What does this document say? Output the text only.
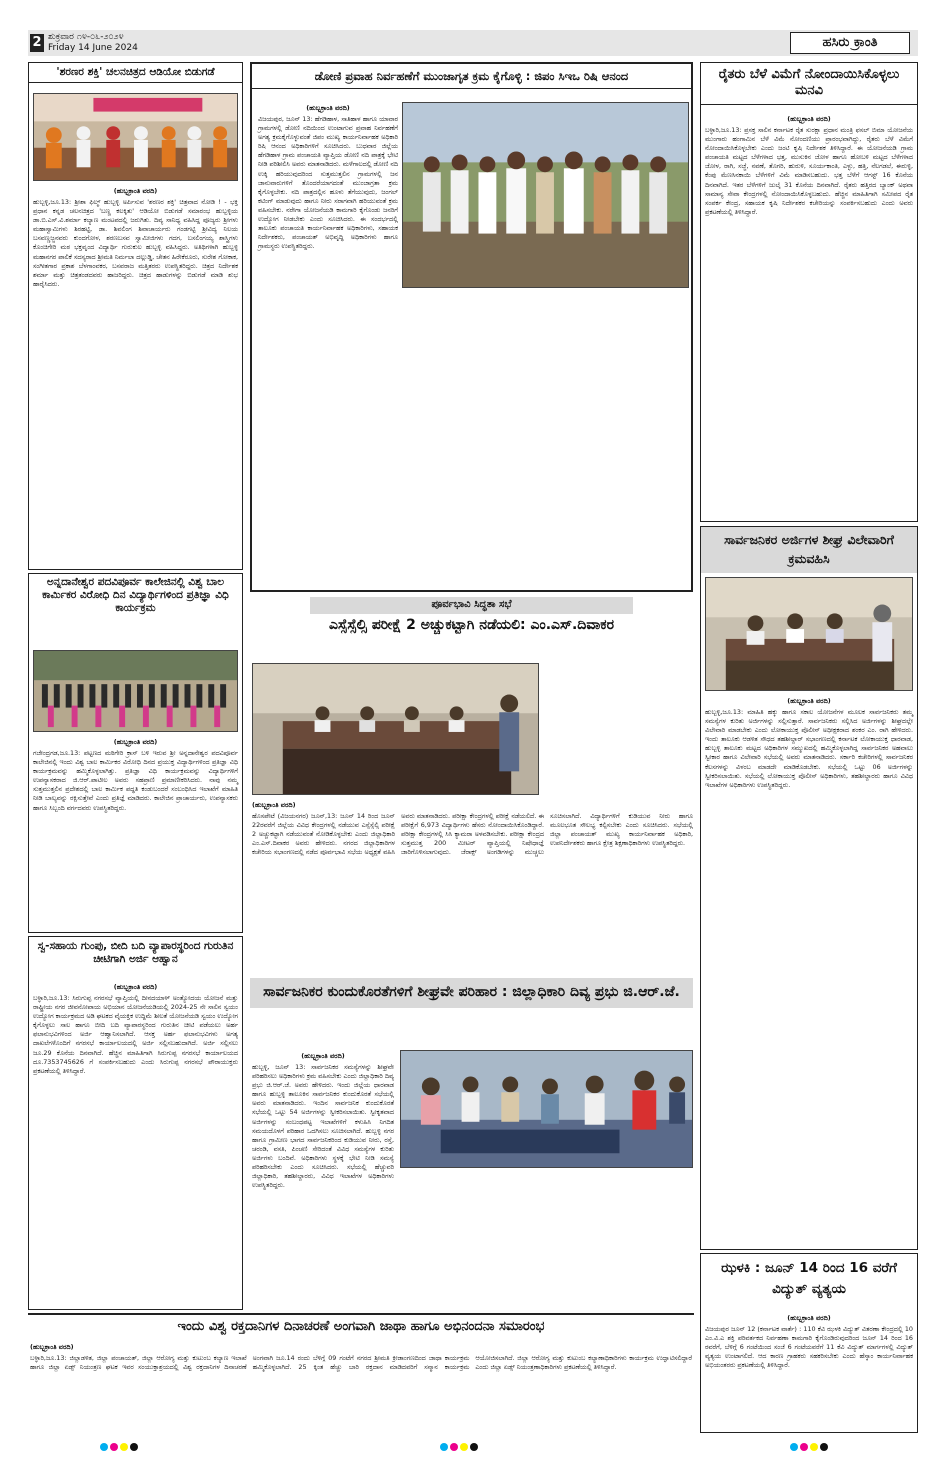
2 ಶುಕ್ರವಾರ ೧೪-೦೬-೨೦೨೪
Friday 14 June 2024	ಹಸಿರು ಕ್ರಾಂತಿ
'ಶರಣರ ಶಕ್ತಿ' ಚಲನಚಿತ್ರದ ಆಡಿಯೋ ಬಿಡುಗಡೆ
(ಹುಬ್ಬಕ್ರಾಂತಿ ವರದಿ)
ಹುಬ್ಬಳ್ಳಿ,ಜೂ.13: ಶ್ರೀಶಾ ಫಿಲ್ಮ್ ಹುಬ್ಬಳ್ಳಿ ಅರ್ಪಿಸುವ 'ಶರಣರ ಶಕ್ತಿ' ಚಿತ್ರವಾದ ನೋಡಿ ! - ಭಕ್ತಿ ಪ್ರಧಾನ ಕನ್ನಡ ಚಲನಚಿತ್ರದ 'ಬಣ್ಣ ಕಲಕ್ಕಿತು' ಆಡಿಯೋ ಬಿಡುಗಡೆ ಸಮಾರಂಭ ಹುಬ್ಬಳ್ಳಿಯ ಡಾ.ಬಿ.ಎಸ್.ವಿ.ಶರ್ಮಾ ಕಲ್ಯಾಣ ಮಂಟಪದಲ್ಲಿ ಜರುಗಿತು. ದಿವ್ಯ ಸಾನಿಧ್ಯ ವಹಿಸಿದ್ದ ಪೂಜ್ಯರು ಶ್ರೀಗಳು ಮಹಾಸ್ವಾಮಿಗಳು ಶಿರಹಟ್ಟಿ, ಡಾ. ಶಿವಲಿಂಗ ಶಿವಾಚಾರ್ಯರು ಗಂಡಗಟ್ಟಿ ಶ್ರೀವಿದ್ಯ ನಿಲಯ ಬಸವಣ್ಣಜ್ಜನವರು ಕುಂದಗೋಳ, ಶರಣಬಸವ ಸ್ವಾಮೀಜಿಗಳು ಗದಗ, ಬಸಲಿಂಗಯ್ಯ ಶಾಸ್ತ್ರಿಗಳು ಕೊಂಚಿಗೇರಿ ಮಠ ಭಕ್ತವೃಂದ ವಿದ್ಯಾರ್ಥಿ ಗುರುಕುಲ ಹುಬ್ಬಳ್ಳಿ ವಹಿಸಿದ್ದರು. ಅತಿಥಿಗಳಾಗಿ ಹುಬ್ಬಳ್ಳಿ ಮಹಾನಗರ ಪಾಲಿಕೆ ಸದಸ್ಯರಾದ ಶ್ರೀಮತಿ ನಿರ್ಮಲಾ ದಲ್ಲುಡ್ಡಿ, ಚೇತನ ಹಿರೇಕೆರೂರು, ಸುರೇಶ ಗೋಕಾಕ, ಸಂಗೀತಗಾರ ಪ್ರಕಾಶ ಬೆಳಗಾಂವಕರ, ಬಸವರಾಜ ಮತ್ತಿತರರು ಉಪಸ್ಥಿತರಿದ್ದರು. ಚಿತ್ರದ ನಿರ್ದೇಶಕ ಶರ್ಮಾ ಮತ್ತು ಚಿತ್ರತಂಡದವರು ಹಾಜರಿದ್ದರು. ಚಿತ್ರದ ಹಾಡುಗಳನ್ನು ಬಿಡುಗಡೆ ಮಾಡಿ ಶುಭ ಹಾರೈಸಿದರು.
ಅನ್ನದಾನೇಶ್ವರ ಪದವಿಪೂರ್ವ ಕಾಲೇಜಿನಲ್ಲಿ ವಿಶ್ವ ಬಾಲ ಕಾರ್ಮಿಕರ ವಿರೋಧಿ ದಿನ ವಿದ್ಯಾರ್ಥಿಗಳಿಂದ ಪ್ರತಿಜ್ಞಾ ವಿಧಿ ಕಾರ್ಯಕ್ರಮ
(ಹುಬ್ಬಕ್ರಾಂತಿ ವರದಿ)
ಗಜೇಂದ್ರಗಡ,ಜೂ.13: ಪಟ್ಟಣದ ಮಠಿಗೇರಿ ಕ್ರಾಸ್ ಬಳಿ ಇರುವ ಶ್ರೀ ಅನ್ನದಾನೇಶ್ವರ ಪದವಿಪೂರ್ವ ಕಾಲೇಜಿನಲ್ಲಿ ಇಂದು ವಿಶ್ವ ಬಾಲ ಕಾರ್ಮಿಕರ ವಿರೋಧಿ ದಿನದ ಪ್ರಯುಕ್ತ ವಿದ್ಯಾರ್ಥಿಗಳಿಂದ ಪ್ರತಿಜ್ಞಾ ವಿಧಿ ಕಾರ್ಯಕ್ರಮವನ್ನು ಹಮ್ಮಿಕೊಳ್ಳಲಾಗಿತ್ತು. ಪ್ರತಿಜ್ಞಾ ವಿಧಿ ಕಾರ್ಯಕ್ರಮವನ್ನು ವಿದ್ಯಾರ್ಥಿಗಳಿಗೆ ಉಪನ್ಯಾಸಕರಾದ ಜಿ.ಆರ್.ಪಾಟೀಲ ಅವರು ಸಹಪ್ರಾಣಿ ಪ್ರಮಾಣೀಕರಿಸಿದರು. ನಾವು ನಮ್ಮ ಸುತ್ತಮುತ್ತಲಿನ ಪ್ರದೇಶದಲ್ಲಿ ಬಾಲ ಕಾರ್ಮಿಕ ಪದ್ಧತಿ ಕಂಡುಬಂದರೆ ಸಂಬಂಧಿಸಿದ ಇಲಾಖೆಗೆ ಮಾಹಿತಿ ನೀಡಿ ಬಾಲ್ಯವನ್ನು ರಕ್ಷಿಸುತ್ತೇವೆ ಎಂದು ಪ್ರತಿಜ್ಞೆ ಮಾಡಿದರು. ಕಾಲೇಜಿನ ಪ್ರಾಚಾರ್ಯರು, ಉಪನ್ಯಾಸಕರು ಹಾಗೂ ಸಿಬ್ಬಂದಿ ವರ್ಗದವರು ಉಪಸ್ಥಿತರಿದ್ದರು.
ಸ್ವ-ಸಹಾಯ ಗುಂಪು, ಬೀದಿ ಬದಿ ವ್ಯಾಪಾರಸ್ಥರಿಂದ ಗುರುತಿನ ಚೀಟಿಗಾಗಿ ಅರ್ಜಿ ಆಹ್ವಾನ
(ಹುಬ್ಬಕ್ರಾಂತಿ ವರದಿ)
ಬಳ್ಳಾರಿ,ಜೂ.13: ಸಿರುಗುಪ್ಪ ನಗರಸಭೆ ವ್ಯಾಪ್ತಿಯಲ್ಲಿ ದೀನದಯಾಳ್ ಅಂತ್ಯೋದಯ ಯೋಜನೆ ಮತ್ತು ರಾಷ್ಟ್ರೀಯ ನಗರ ಜೀವನೋಪಾಯ ಅಭಿಯಾನ ಯೋಜನೆಯಡಿಯಲ್ಲಿ 2024-25 ನೇ ಸಾಲಿನ ಸ್ವಯಂ ಉದ್ಯೋಗ ಕಾರ್ಯಕ್ರಮದ ಅಡಿ ಘಟಕದ ವೈಯಕ್ತಿಕ ಉದ್ದಿಮೆ ಶೀಲತೆ ಯೋಜನೆಯಡಿ ಸ್ವಯಂ ಉದ್ಯೋಗ ಕೈಗೊಳ್ಳಲು ಸಾಲ ಹಾಗೂ ಬೀದಿ ಬದಿ ವ್ಯಾಪಾರಸ್ಥರಿಂದ ಗುರುತಿನ ಚೀಟಿ ಪಡೆಯಲು ಅರ್ಹ ಫಲಾನುಭವಿಗಳಿಂದ ಅರ್ಜಿ ಆಹ್ವಾನಿಸಲಾಗಿದೆ. ಆಸಕ್ತ ಅರ್ಹ ಫಲಾನುಭವಿಗಳು ಅಗತ್ಯ ದಾಖಲೆಗಳೊಂದಿಗೆ ನಗರಸಭೆ ಕಾರ್ಯಾಲಯದಲ್ಲಿ ಅರ್ಜಿ ಸಲ್ಲಿಸಬಹುದಾಗಿದೆ. ಅರ್ಜಿ ಸಲ್ಲಿಸಲು ಜೂ.29 ಕೊನೆಯ ದಿನವಾಗಿದೆ. ಹೆಚ್ಚಿನ ಮಾಹಿತಿಗಾಗಿ ಸಿರುಗುಪ್ಪ ನಗರಸಭೆ ಕಾರ್ಯಾಲಯದ ದೂ.7353745626 ಗೆ ಸಂಪರ್ಕಿಸಬಹುದು ಎಂದು ಸಿರುಗುಪ್ಪ ನಗರಸಭೆ ಪೌರಾಯುಕ್ತರು ಪ್ರಕಟಣೆಯಲ್ಲಿ ತಿಳಿಸಿದ್ದಾರೆ.
ಡೋಣಿ ಪ್ರವಾಹ ನಿರ್ವಹಣೆಗೆ ಮುಂಜಾಗೃತ ಕ್ರಮ ಕೈಗೊಳ್ಳಿ : ಜಿಪಂ ಸಿಇಒ ರಿಷಿ ಆನಂದ
(ಹುಬ್ಬಕ್ರಾಂತಿ ವರದಿ)
ವಿಜಯಪುರ, ಜೂನ್ 13: ಹೆಗಡಿಹಾಳ, ಸಾತಿಹಾಳ ಹಾಗೂ ಯಾವಾರ ಗ್ರಾಮಗಳಲ್ಲಿ ಡೋಣಿ ನದಿಯಿಂದ ಉಂಟಾಗುವ ಪ್ರವಾಹ ನಿರ್ವಹಣೆಗೆ ಅಗತ್ಯ ಕ್ರಮಕೈಗೊಳ್ಳುವಂತೆ ಜಿಪಂ ಮುಖ್ಯ ಕಾರ್ಯನಿರ್ವಾಹಕ ಅಧಿಕಾರಿ ರಿಷಿ ಆನಂದ ಅಧಿಕಾರಿಗಳಿಗೆ ಸೂಚಿಸಿದರು. ಬುಧವಾರ ಜಿಲ್ಲೆಯ ಹೆಗಡಿಹಾಳ ಗ್ರಾಮ ಪಂಚಾಯತಿ ವ್ಯಾಪ್ತಿಯ ಡೋಣಿ ನದಿ ಪಾತ್ರಕ್ಕೆ ಭೇಟಿ ನೀಡಿ ಪರಿಶೀಲಿಸಿ ಅವರು ಮಾತನಾಡಿದರು. ಮಳೆಗಾಲದಲ್ಲಿ ಡೋಣಿ ನದಿ ಉಕ್ಕಿ ಹರಿಯುವುದರಿಂದ ಸುತ್ತಮುತ್ತಲಿನ ಗ್ರಾಮಗಳಲ್ಲಿ ಜನ ಜಾನುವಾರುಗಳಿಗೆ ತೊಂದರೆಯಾಗದಂತೆ ಮುಂಜಾಗ್ರತಾ ಕ್ರಮ ಕೈಗೊಳ್ಳಬೇಕು. ನದಿ ಪಾತ್ರದಲ್ಲಿನ ಹೂಳು ತೆಗೆಯುವುದು, ಜಂಗಲ್ ಕಟಿಂಗ್ ಮಾಡುವುದು ಹಾಗೂ ನೀರು ಸರಾಗವಾಗಿ ಹರಿಯುವಂತೆ ಕ್ರಮ ವಹಿಸಬೇಕು. ನರೇಗಾ ಯೋಜನೆಯಡಿ ಕಾಮಗಾರಿ ಕೈಗೊಂಡು ಜನರಿಗೆ ಉದ್ಯೋಗ ನೀಡಬೇಕು ಎಂದು ಸೂಚಿಸಿದರು. ಈ ಸಂದರ್ಭದಲ್ಲಿ ತಾಲೂಕು ಪಂಚಾಯತಿ ಕಾರ್ಯನಿರ್ವಾಹಕ ಅಧಿಕಾರಿಗಳು, ಸಹಾಯಕ ನಿರ್ದೇಶಕರು, ಪಂಚಾಯತ್ ಅಭಿವೃದ್ಧಿ ಅಧಿಕಾರಿಗಳು ಹಾಗೂ ಗ್ರಾಮಸ್ಥರು ಉಪಸ್ಥಿತರಿದ್ದರು.
ಪೂರ್ವಭಾವಿ ಸಿದ್ಧತಾ ಸಭೆ
ಎಸ್ಸೆಸ್ಸೆಲ್ಸಿ ಪರೀಕ್ಷೆ 2 ಅಚ್ಚುಕಟ್ಟಾಗಿ ನಡೆಯಲಿ: ಎಂ.ಎಸ್.ದಿವಾಕರ
(ಹುಬ್ಬಕ್ರಾಂತಿ ವರದಿ)
ಹೊಸಪೇಟೆ (ವಿಜಯನಗರ) ಜೂನ್,13: ಜೂನ್ 14 ರಿಂದ ಜೂನ್ 22ರವರೆಗೆ ಜಿಲ್ಲೆಯ ವಿವಿಧ ಕೇಂದ್ರಗಳಲ್ಲಿ ನಡೆಯುವ ಎಸ್ಸೆಸ್ಸೆಲ್ಸಿ ಪರೀಕ್ಷೆ 2 ಅಚ್ಚುಕಟ್ಟಾಗಿ ನಡೆಯುವಂತೆ ನೋಡಿಕೊಳ್ಳಬೇಕು ಎಂದು ಜಿಲ್ಲಾಧಿಕಾರಿ ಎಂ.ಎಸ್.ದಿವಾಕರ ಅವರು ಹೇಳಿದರು. ನಗರದ ಜಿಲ್ಲಾಧಿಕಾರಿಗಳ ಕಚೇರಿಯ ಸಭಾಂಗಣದಲ್ಲಿ ನಡೆದ ಪೂರ್ವಭಾವಿ ಸಭೆಯ ಅಧ್ಯಕ್ಷತೆ ವಹಿಸಿ ಅವರು ಮಾತನಾಡಿದರು. ಪರೀಕ್ಷಾ ಕೇಂದ್ರಗಳಲ್ಲಿ ಪರೀಕ್ಷೆ ನಡೆಯಲಿದೆ. ಈ ಪರೀಕ್ಷೆಗೆ 6,973 ವಿದ್ಯಾರ್ಥಿಗಳು ಹೆಸರು ನೋಂದಾಯಿಸಿಕೊಂಡಿದ್ದಾರೆ. ಪರೀಕ್ಷಾ ಕೇಂದ್ರಗಳಲ್ಲಿ ಸಿಸಿ ಕ್ಯಾಮರಾ ಅಳವಡಿಸಬೇಕು. ಪರೀಕ್ಷಾ ಕೇಂದ್ರದ ಸುತ್ತಮುತ್ತ 200 ಮೀಟರ್ ವ್ಯಾಪ್ತಿಯಲ್ಲಿ ನಿಷೇಧಾಜ್ಞೆ ಜಾರಿಗೊಳಿಸಲಾಗುವುದು. ಜೆರಾಕ್ಸ್ ಅಂಗಡಿಗಳನ್ನು ಮುಚ್ಚಲು ಸೂಚಿಸಲಾಗಿದೆ. ವಿದ್ಯಾರ್ಥಿಗಳಿಗೆ ಕುಡಿಯುವ ನೀರು ಹಾಗೂ ಮೂಲಭೂತ ಸೌಲಭ್ಯ ಕಲ್ಪಿಸಬೇಕು ಎಂದು ಸೂಚಿಸಿದರು. ಸಭೆಯಲ್ಲಿ ಜಿಲ್ಲಾ ಪಂಚಾಯತ್ ಮುಖ್ಯ ಕಾರ್ಯನಿರ್ವಾಹಕ ಅಧಿಕಾರಿ, ಉಪನಿರ್ದೇಶಕರು ಹಾಗೂ ಕ್ಷೇತ್ರ ಶಿಕ್ಷಣಾಧಿಕಾರಿಗಳು ಉಪಸ್ಥಿತರಿದ್ದರು.
ಸಾರ್ವಜನಿಕರ ಕುಂದುಕೊರತೆಗಳಿಗೆ ಶೀಘ್ರವೇ ಪರಿಹಾರ : ಜಿಲ್ಲಾಧಿಕಾರಿ ದಿವ್ಯ ಪ್ರಭು ಜಿ.ಆರ್.ಜೆ.
(ಹುಬ್ಬಕ್ರಾಂತಿ ವರದಿ)
ಹುಬ್ಬಳ್ಳಿ, ಜೂನ್ 13: ಸಾರ್ವಜನಿಕರ ಸಮಸ್ಯೆಗಳನ್ನು ಶೀಘ್ರವೇ ಪರಿಹರಿಸಲು ಅಧಿಕಾರಿಗಳು ಕ್ರಮ ವಹಿಸಬೇಕು ಎಂದು ಜಿಲ್ಲಾಧಿಕಾರಿ ದಿವ್ಯ ಪ್ರಭು ಜಿ.ಆರ್.ಜೆ. ಅವರು ಹೇಳಿದರು. ಇಂದು ಜಿಲ್ಲೆಯ ಧಾರವಾಡ ಹಾಗೂ ಹುಬ್ಬಳ್ಳಿ ತಾಲೂಕಿನ ಸಾರ್ವಜನಿಕರ ಕುಂದುಕೊರತೆ ಸಭೆಯಲ್ಲಿ ಅವರು ಮಾತನಾಡಿದರು. ಇಂದಿನ ಸಾರ್ವಜನಿಕ ಕುಂದುಕೊರತೆ ಸಭೆಯಲ್ಲಿ ಒಟ್ಟು 54 ಅರ್ಜಿಗಳನ್ನು ಸ್ವೀಕರಿಸಲಾಯಿತು. ಸ್ವೀಕೃತವಾದ ಅರ್ಜಿಗಳನ್ನು ಸಂಬಂಧಪಟ್ಟ ಇಲಾಖೆಗಳಿಗೆ ಕಳುಹಿಸಿ ನಿಗದಿತ ಸಮಯದೊಳಗೆ ಪರಿಹಾರ ಒದಗಿಸಲು ಸೂಚಿಸಲಾಗಿದೆ. ಹುಬ್ಬಳ್ಳಿ ನಗರ ಹಾಗೂ ಗ್ರಾಮೀಣ ಭಾಗದ ಸಾರ್ವಜನಿಕರಿಂದ ಕುಡಿಯುವ ನೀರು, ರಸ್ತೆ, ಚರಂಡಿ, ವಸತಿ, ಪಿಂಚಣಿ ಸೇರಿದಂತೆ ವಿವಿಧ ಸಮಸ್ಯೆಗಳ ಕುರಿತು ಅರ್ಜಿಗಳು ಬಂದಿವೆ. ಅಧಿಕಾರಿಗಳು ಸ್ಥಳಕ್ಕೆ ಭೇಟಿ ನೀಡಿ ಸಮಸ್ಯೆ ಪರಿಹರಿಸಬೇಕು ಎಂದು ಸೂಚಿಸಿದರು. ಸಭೆಯಲ್ಲಿ ಹೆಚ್ಚುವರಿ ಜಿಲ್ಲಾಧಿಕಾರಿ, ತಹಶೀಲ್ದಾರರು, ವಿವಿಧ ಇಲಾಖೆಗಳ ಅಧಿಕಾರಿಗಳು ಉಪಸ್ಥಿತರಿದ್ದರು.
ರೈತರು ಬೆಳೆ ವಿಮೆಗೆ ನೋಂದಾಯಿಸಿಕೊಳ್ಳಲು ಮನವಿ
(ಹುಬ್ಬಕ್ರಾಂತಿ ವರದಿ)
ಬಳ್ಳಾರಿ,ಜೂ.13: ಪ್ರಸಕ್ತ ಸಾಲಿನ ಕರ್ನಾಟಕ ರೈತ ಸುರಕ್ಷಾ ಪ್ರಧಾನ ಮಂತ್ರಿ ಫಸಲ್ ಬಿಮಾ ಯೋಜನೆಯ ಮುಂಗಾರು ಹಂಗಾಮಿನ ಬೆಳೆ ವಿಮೆ ನೋಂದಣಿಯು ಪ್ರಾರಂಭವಾಗಿದ್ದು, ರೈತರು ಬೆಳೆ ವಿಮೆಗೆ ನೋಂದಾಯಿಸಿಕೊಳ್ಳಬೇಕು ಎಂದು ಜಂಟಿ ಕೃಷಿ ನಿರ್ದೇಶಕ ತಿಳಿಸಿದ್ದಾರೆ. ಈ ಯೋಜನೆಯಡಿ ಗ್ರಾಮ ಪಂಚಾಯತಿ ಮಟ್ಟದ ಬೆಳೆಗಳಾದ ಭತ್ತ, ಮುಸುಕಿನ ಜೋಳ ಹಾಗೂ ಹೋಬಳಿ ಮಟ್ಟದ ಬೆಳೆಗಳಾದ ಜೋಳ, ರಾಗಿ, ಸಜ್ಜೆ, ನವಣೆ, ತೊಗರಿ, ಹುರುಳಿ, ಸೂರ್ಯಕಾಂತಿ, ಎಳ್ಳು, ಹತ್ತಿ, ನೆಲಗಡಲೆ, ಈರುಳ್ಳಿ, ಕೆಂಪು ಮೆಣಸಿನಕಾಯಿ ಬೆಳೆಗಳಿಗೆ ವಿಮೆ ಮಾಡಿಸಬಹುದು. ಭತ್ತ ಬೆಳೆಗೆ ಆಗಸ್ಟ್ 16 ಕೊನೆಯ ದಿನವಾಗಿದೆ. ಇತರ ಬೆಳೆಗಳಿಗೆ ಜುಲೈ 31 ಕೊನೆಯ ದಿನವಾಗಿದೆ. ರೈತರು ಹತ್ತಿರದ ಬ್ಯಾಂಕ್ ಅಥವಾ ಸಾಮಾನ್ಯ ಸೇವಾ ಕೇಂದ್ರಗಳಲ್ಲಿ ನೋಂದಾಯಿಸಿಕೊಳ್ಳಬಹುದು. ಹೆಚ್ಚಿನ ಮಾಹಿತಿಗಾಗಿ ಸಮೀಪದ ರೈತ ಸಂಪರ್ಕ ಕೇಂದ್ರ, ಸಹಾಯಕ ಕೃಷಿ ನಿರ್ದೇಶಕರ ಕಚೇರಿಯನ್ನು ಸಂಪರ್ಕಿಸಬಹುದು ಎಂದು ಅವರು ಪ್ರಕಟಣೆಯಲ್ಲಿ ತಿಳಿಸಿದ್ದಾರೆ.
ಸಾರ್ವಜನಿಕರ ಅರ್ಜಿಗಳ ಶೀಘ್ರ ವಿಲೇವಾರಿಗೆ ಕ್ರಮವಹಿಸಿ
(ಹುಬ್ಬಕ್ರಾಂತಿ ವರದಿ)
ಹುಬ್ಬಳ್ಳಿ,ಜೂ.13: ಮಾಹಿತಿ ಹಕ್ಕು ಹಾಗೂ ಸಕಾಲ ಯೋಜನೆಗಳ ಮೂಲಕ ಸಾರ್ವಜನಿಕರು ತಮ್ಮ ಸಮಸ್ಯೆಗಳ ಕುರಿತು ಅರ್ಜಿಗಳನ್ನು ಸಲ್ಲಿಸುತ್ತಾರೆ. ಸಾರ್ವಜನಿಕರು ಸಲ್ಲಿಸಿದ ಅರ್ಜಿಗಳನ್ನು ಶೀಘ್ರದಲ್ಲೇ ವಿಲೇವಾರಿ ಮಾಡಬೇಕು ಎಂದು ಲೋಕಾಯುಕ್ತ ಪೊಲೀಸ್ ಅಧೀಕ್ಷಕರಾದ ಶಂಕರ ಎಂ. ರಾಗಿ ಹೇಳಿದರು. ಇಂದು ತಾಲೂಕು ಆಡಳಿತ ಸೌಧದ ತಹಶೀಲ್ದಾರ್ ಸಭಾಂಗಣದಲ್ಲಿ ಕರ್ನಾಟಕ ಲೋಕಾಯುಕ್ತ ಧಾರವಾಡ, ಹುಬ್ಬಳ್ಳಿ ತಾಲೂಕು ಮಟ್ಟದ ಅಧಿಕಾರಿಗಳ ಸಮ್ಮುಖದಲ್ಲಿ ಹಮ್ಮಿಕೊಳ್ಳಲಾಗಿದ್ದ ಸಾರ್ವಜನಿಕರ ಅಹವಾಲು ಸ್ವೀಕಾರ ಹಾಗೂ ವಿಲೇವಾರಿ ಸಭೆಯಲ್ಲಿ ಅವರು ಮಾತನಾಡಿದರು. ಸರ್ಕಾರಿ ಕಚೇರಿಗಳಲ್ಲಿ ಸಾರ್ವಜನಿಕರ ಕೆಲಸಗಳನ್ನು ವಿಳಂಬ ಮಾಡದೇ ಮಾಡಿಕೊಡಬೇಕು. ಸಭೆಯಲ್ಲಿ ಒಟ್ಟು 06 ಅರ್ಜಿಗಳನ್ನು ಸ್ವೀಕರಿಸಲಾಯಿತು. ಸಭೆಯಲ್ಲಿ ಲೋಕಾಯುಕ್ತ ಪೊಲೀಸ್ ಅಧಿಕಾರಿಗಳು, ತಹಶೀಲ್ದಾರರು ಹಾಗೂ ವಿವಿಧ ಇಲಾಖೆಗಳ ಅಧಿಕಾರಿಗಳು ಉಪಸ್ಥಿತರಿದ್ದರು.
ಝಳಕಿ : ಜೂನ್ 14 ರಿಂದ 16 ವರೆಗೆ ವಿದ್ಯುತ್ ವ್ಯತ್ಯಯ
(ಹುಬ್ಬಕ್ರಾಂತಿ ವರದಿ)
ವಿಜಯಪುರ ಜೂನ್ 12 (ಕರ್ನಾಟಕ ವಾರ್ತೆ) : 110 ಕೆವಿ ಝಳಕಿ ವಿದ್ಯುತ್ ವಿತರಣಾ ಕೇಂದ್ರದಲ್ಲಿ 10 ಎಂ.ವಿ.ಎ ಶಕ್ತಿ ಪರಿವರ್ತಕದ ನಿರ್ವಹಣಾ ಕಾಮಗಾರಿ ಕೈಗೊಂಡಿರುವುದರಿಂದ ಜೂನ್ 14 ರಿಂದ 16 ರವರೆಗೆ, ಬೆಳಿಗ್ಗೆ 6 ಗಂಟೆಯಿಂದ ಸಂಜೆ 6 ಗಂಟೆಯವರೆಗೆ 11 ಕೆವಿ ವಿದ್ಯುತ್ ಮಾರ್ಗಗಳಲ್ಲಿ ವಿದ್ಯುತ್ ವ್ಯತ್ಯಯ ಉಂಟಾಗಲಿದೆ. ಆದ ಕಾರಣ ಗ್ರಾಹಕರು ಸಹಕರಿಸಬೇಕು ಎಂದು ಹೆಸ್ಕಾಂ ಕಾರ್ಯನಿರ್ವಾಹಕ ಅಭಿಯಂತರರು ಪ್ರಕಟಣೆಯಲ್ಲಿ ತಿಳಿಸಿದ್ದಾರೆ.
ಇಂದು ವಿಶ್ವ ರಕ್ತದಾನಿಗಳ ದಿನಾಚರಣೆ ಅಂಗವಾಗಿ ಜಾಥಾ ಹಾಗೂ ಅಭಿನಂದನಾ ಸಮಾರಂಭ
(ಹುಬ್ಬಕ್ರಾಂತಿ ವರದಿ)
ಬಳ್ಳಾರಿ,ಜೂ.13: ಜಿಲ್ಲಾಡಳಿತ, ಜಿಲ್ಲಾ ಪಂಚಾಯತ್, ಜಿಲ್ಲಾ ಆರೋಗ್ಯ ಮತ್ತು ಕುಟುಂಬ ಕಲ್ಯಾಣ ಇಲಾಖೆ ಹಾಗೂ ಜಿಲ್ಲಾ ಏಡ್ಸ್ ನಿಯಂತ್ರಣ ಘಟಕ ಇವರ ಸಂಯುಕ್ತಾಶ್ರಯದಲ್ಲಿ ವಿಶ್ವ ರಕ್ತದಾನಿಗಳ ದಿನಾಚರಣೆ ಅಂಗವಾಗಿ ಜೂ.14 ರಂದು ಬೆಳಿಗ್ಗೆ 09 ಗಂಟೆಗೆ ನಗರದ ಶ್ರೀಮತಿ ಕ್ರೀಡಾಂಗಣದಿಂದ ಜಾಥಾ ಕಾರ್ಯಕ್ರಮ ಹಮ್ಮಿಕೊಳ್ಳಲಾಗಿದೆ. 25 ಕ್ಕಿಂತ ಹೆಚ್ಚು ಬಾರಿ ರಕ್ತದಾನ ಮಾಡಿದವರಿಗೆ ಸನ್ಮಾನ ಕಾರ್ಯಕ್ರಮ ಆಯೋಜಿಸಲಾಗಿದೆ. ಜಿಲ್ಲಾ ಆರೋಗ್ಯ ಮತ್ತು ಕುಟುಂಬ ಕಲ್ಯಾಣಾಧಿಕಾರಿಗಳು ಕಾರ್ಯಕ್ರಮ ಉದ್ಘಾಟಿಸಲಿದ್ದಾರೆ ಎಂದು ಜಿಲ್ಲಾ ಏಡ್ಸ್ ನಿಯಂತ್ರಣಾಧಿಕಾರಿಗಳು ಪ್ರಕಟಣೆಯಲ್ಲಿ ತಿಳಿಸಿದ್ದಾರೆ.
